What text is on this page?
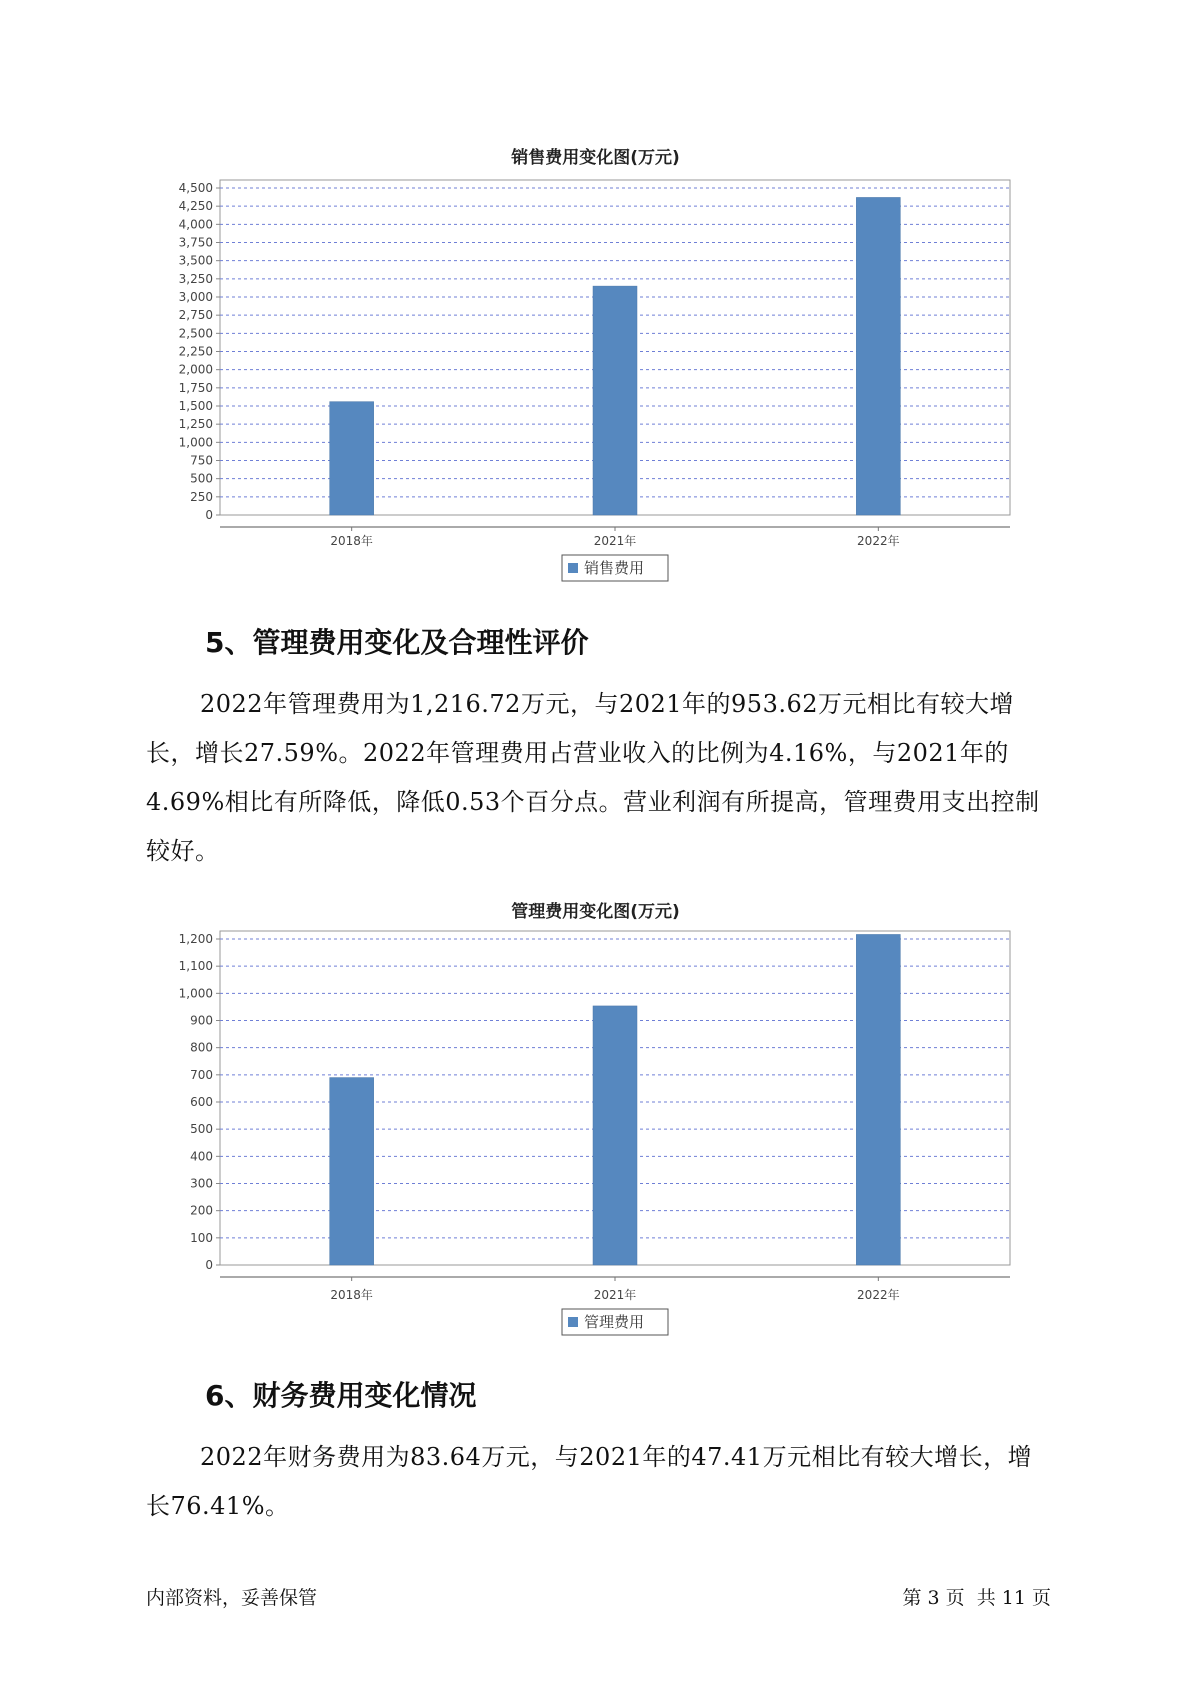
销售费用变化图(万元)
0
250
500
750
1,000
1,250
1,500
1,750
2,000
2,250
2,500
2,750
3,000
3,250
3,500
3,750
4,000
4,250
4,500
2018年	2021年	2022年
销售费用
5、管理费用变化及合理性评价

2022年管理费用为1,216.72万元，与2021年的953.62万元相比有较大增长，增长27.59%。2022年管理费用占营业收入的比例为4.16%，与2021年的4.69%相比有所降低，降低0.53个百分点。营业利润有所提高，管理费用支出控制较好。

管理费用变化图(万元)
0
100
200
300
400
500
600
700
800
900
1,000
1,100
1,200
2018年	2021年	2022年
管理费用
6、财务费用变化情况

2022年财务费用为83.64万元，与2021年的47.41万元相比有较大增长，增长76.41%。

内部资料，妥善保管	第 3 页  共 11 页
